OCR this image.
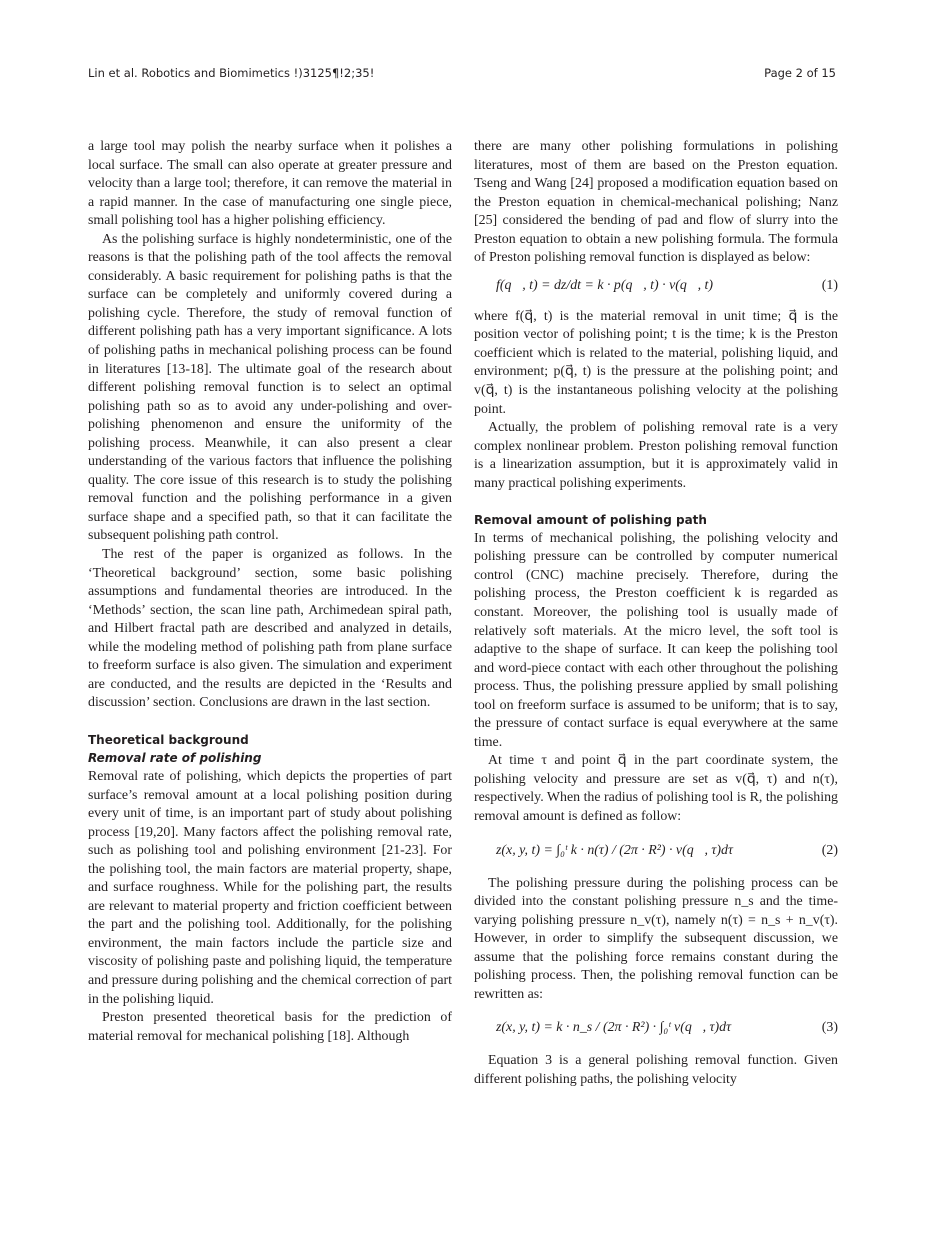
Lin et al. Robotics and Biomimetics !)3125¶!2;35!	Page 2 of 15

a large tool may polish the nearby surface when it polishes a local surface. The small can also operate at greater pressure and velocity than a large tool; therefore, it can remove the material in a rapid manner. In the case of manufacturing one single piece, small polishing tool has a higher polishing efficiency.

As the polishing surface is highly nondeterministic, one of the reasons is that the polishing path of the tool affects the removal considerably. A basic requirement for polishing paths is that the surface can be completely and uniformly covered during a polishing cycle. Therefore, the study of removal function of different polishing path has a very important significance. A lots of polishing paths in mechanical polishing process can be found in literatures [13-18]. The ultimate goal of the research about different polishing removal function is to select an optimal polishing path so as to avoid any under-polishing and over-polishing phenomenon and ensure the uniformity of the polishing process. Meanwhile, it can also present a clear understanding of the various factors that influence the polishing quality. The core issue of this research is to study the polishing removal function and the polishing performance in a given surface shape and a specified path, so that it can facilitate the subsequent polishing path control.

The rest of the paper is organized as follows. In the ‘Theoretical background’ section, some basic polishing assumptions and fundamental theories are introduced. In the ‘Methods’ section, the scan line path, Archimedean spiral path, and Hilbert fractal path are described and analyzed in details, while the modeling method of polishing path from plane surface to freeform surface is also given. The simulation and experiment are conducted, and the results are depicted in the ‘Results and discussion’ section. Conclusions are drawn in the last section.

Theoretical background
Removal rate of polishing

Removal rate of polishing, which depicts the properties of part surface’s removal amount at a local polishing position during every unit of time, is an important part of study about polishing process [19,20]. Many factors affect the polishing removal rate, such as polishing tool and polishing environment [21-23]. For the polishing tool, the main factors are material property, shape, and surface roughness. While for the polishing part, the results are relevant to material property and friction coefficient between the part and the polishing tool. Additionally, for the polishing environment, the main factors include the particle size and viscosity of polishing paste and polishing liquid, the temperature and pressure during polishing and the chemical correction of part in the polishing liquid.

Preston presented theoretical basis for the prediction of material removal for mechanical polishing [18]. Although

there are many other polishing formulations in polishing literatures, most of them are based on the Preston equation. Tseng and Wang [24] proposed a modification equation based on the Preston equation in chemical-mechanical polishing; Nanz [25] considered the bending of pad and flow of slurry into the Preston equation to obtain a new polishing formula. The formula of Preston polishing removal function is displayed as below:

f(q⃗, t) = dz/dt = k · p(q⃗, t) · v(q⃗, t)	(1)

where f(q⃗, t) is the material removal in unit time; q⃗ is the position vector of polishing point; t is the time; k is the Preston coefficient which is related to the material, polishing liquid, and environment; p(q⃗, t) is the pressure at the polishing point; and v(q⃗, t) is the instantaneous polishing velocity at the polishing point.

Actually, the problem of polishing removal rate is a very complex nonlinear problem. Preston polishing removal function is a linearization assumption, but it is approximately valid in many practical polishing experiments.

Removal amount of polishing path

In terms of mechanical polishing, the polishing velocity and polishing pressure can be controlled by computer numerical control (CNC) machine precisely. Therefore, during the polishing process, the Preston coefficient k is regarded as constant. Moreover, the polishing tool is usually made of relatively soft materials. At the micro level, the soft tool is adaptive to the shape of surface. It can keep the polishing tool and word-piece contact with each other throughout the polishing process. Thus, the polishing pressure applied by small polishing tool on freeform surface is assumed to be uniform; that is to say, the pressure of contact surface is equal everywhere at the same time.

At time τ and point q⃗ in the part coordinate system, the polishing velocity and pressure are set as v(q⃗, τ) and n(τ), respectively. When the radius of polishing tool is R, the polishing removal amount is defined as follow:

z(x, y, t) = ∫₀ᵗ k · n(τ) / (2π · R²) · v(q⃗, τ)dτ	(2)

The polishing pressure during the polishing process can be divided into the constant polishing pressure n_s and the time-varying polishing pressure n_v(τ), namely n(τ) = n_s + n_v(τ). However, in order to simplify the subsequent discussion, we assume that the polishing force remains constant during the polishing process. Then, the polishing removal function can be rewritten as:

z(x, y, t) = k · n_s / (2π · R²) · ∫₀ᵗ v(q⃗, τ)dτ	(3)

Equation 3 is a general polishing removal function. Given different polishing paths, the polishing velocity
